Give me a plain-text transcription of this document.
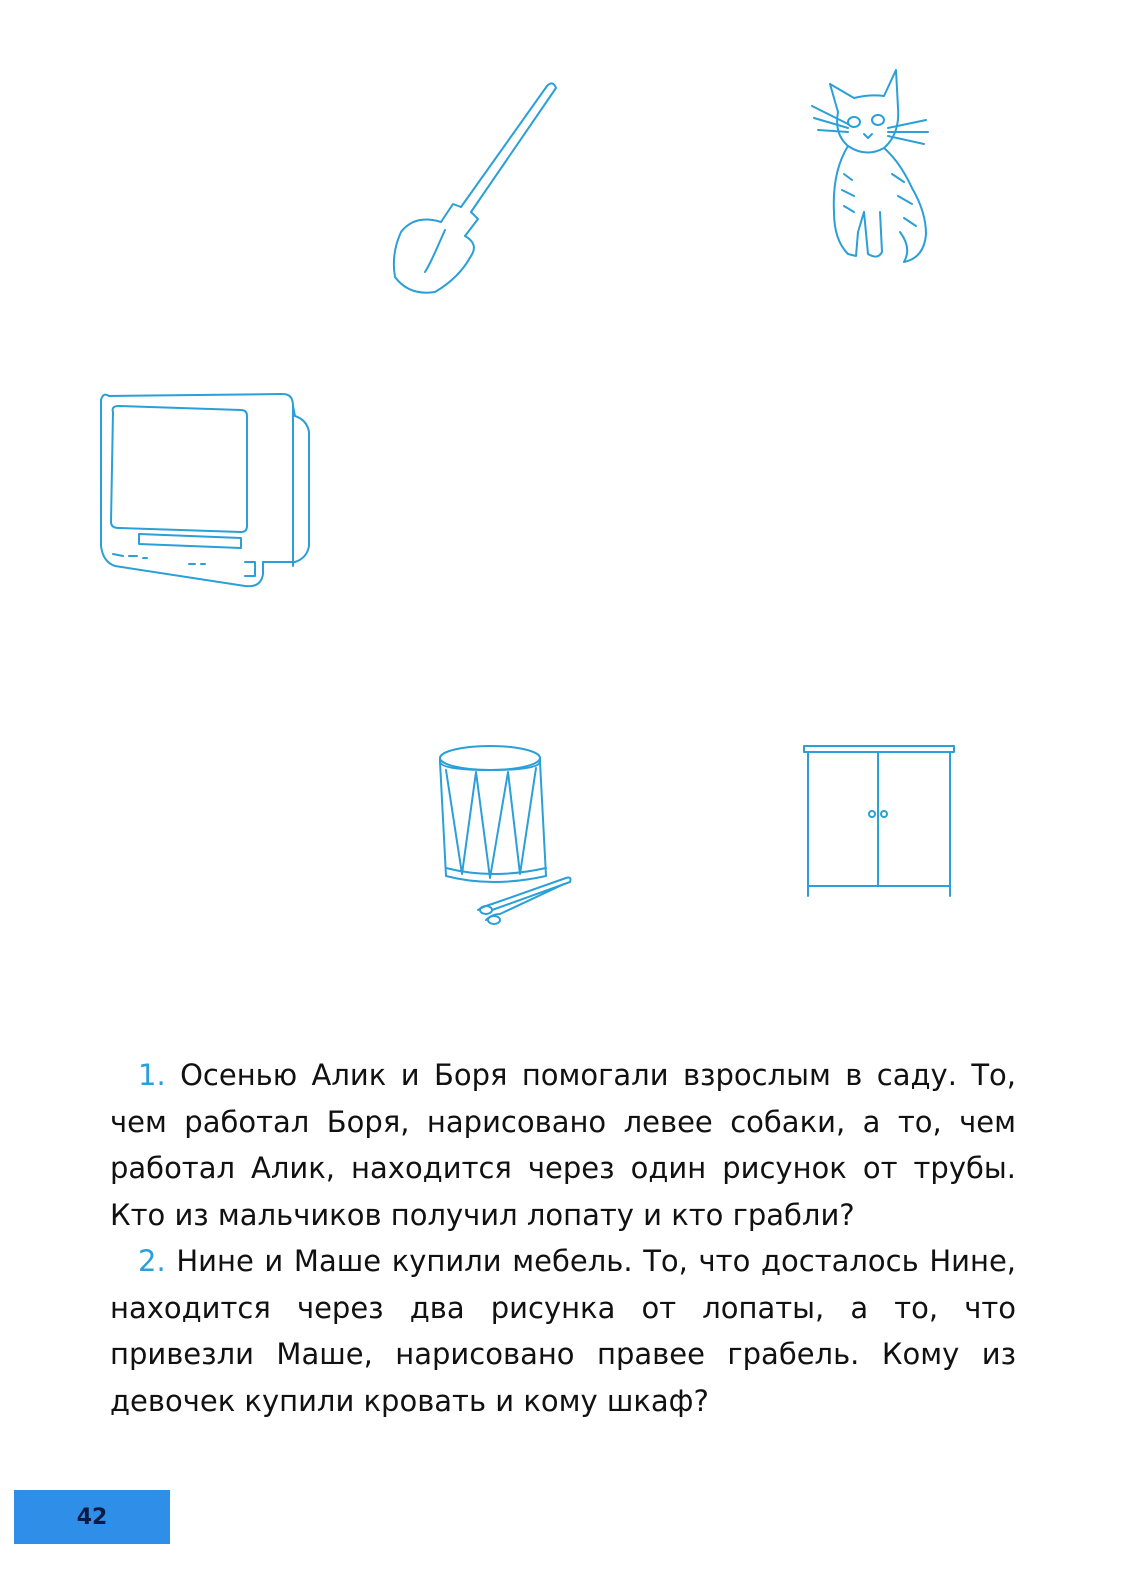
1. Осенью Алик и Боря помогали взрослым в саду. То, чем работал Боря, нарисовано левее собаки, а то, чем работал Алик, находится через один рисунок от трубы. Кто из мальчиков получил лопату и кто грабли?

2. Нине и Маше купили мебель. То, что досталось Нине, находится через два рисунка от лопаты, а то, что привезли Маше, нарисовано правее грабель. Кому из девочек купили кровать и кому шкаф?

42
